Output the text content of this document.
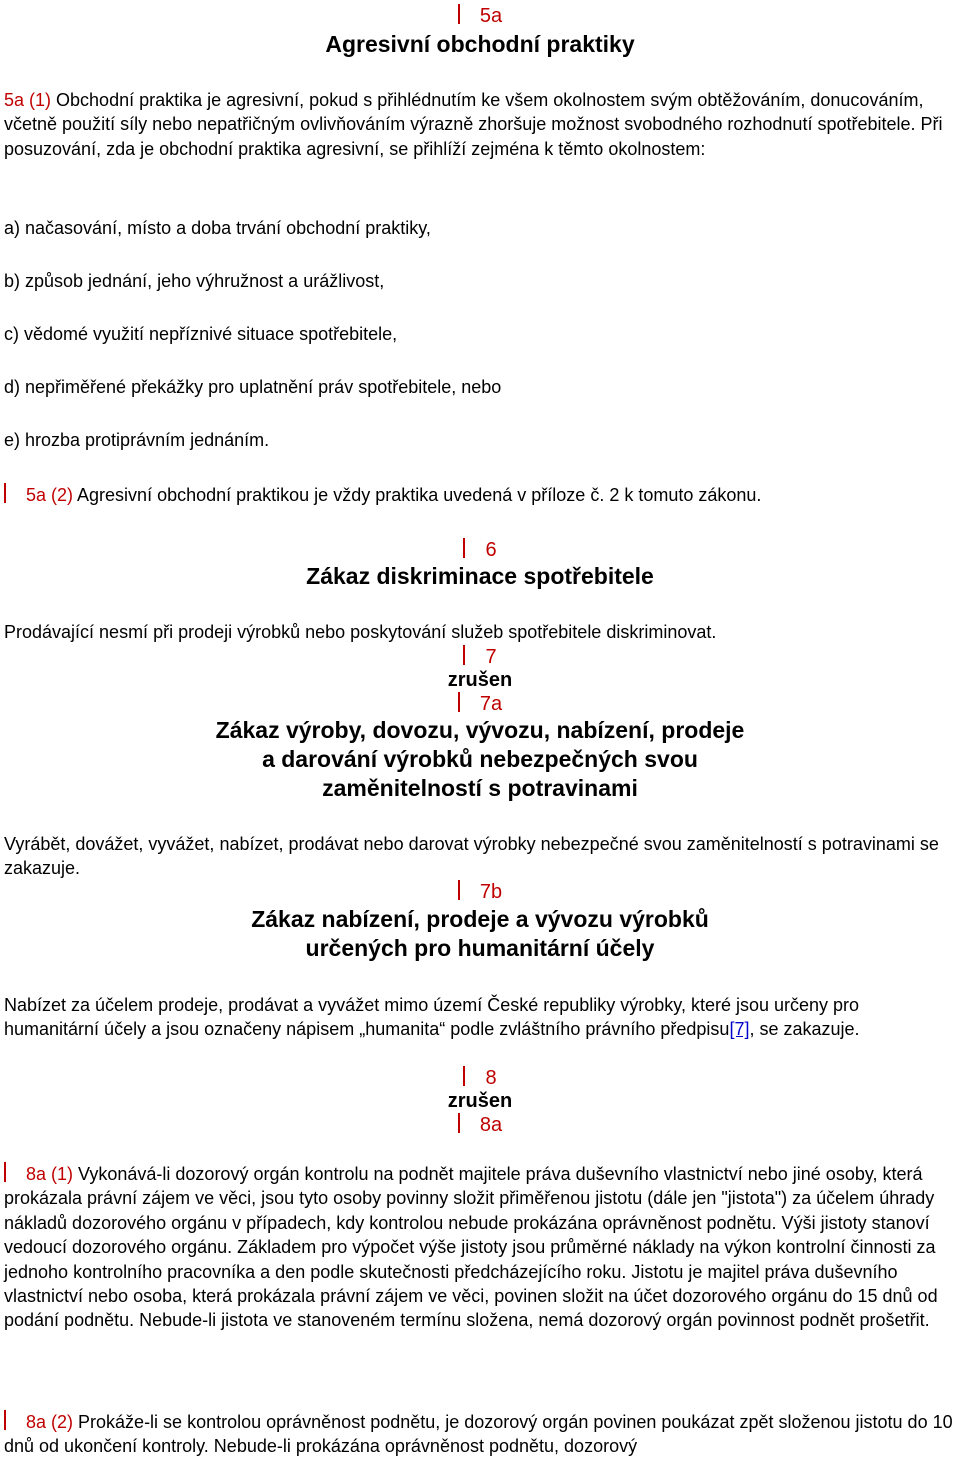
5a
Agresivní obchodní praktiky
5a (1) Obchodní praktika je agresivní, pokud s přihlédnutím ke všem okolnostem svým obtěžováním, donucováním, včetně použití síly nebo nepatřičným ovlivňováním výrazně zhoršuje možnost svobodného rozhodnutí spotřebitele. Při posuzování, zda je obchodní praktika agresivní, se přihlíží zejména k těmto okolnostem:
a) načasování, místo a doba trvání obchodní praktiky,
b) způsob jednání, jeho výhružnost a urážlivost,
c) vědomé využití nepříznivé situace spotřebitele,
d) nepřiměřené překážky pro uplatnění práv spotřebitele, nebo
e) hrozba protiprávním jednáním.
5a (2) Agresivní obchodní praktikou je vždy praktika uvedená v příloze č. 2 k tomuto zákonu.
6
Zákaz diskriminace spotřebitele
Prodávající nesmí při prodeji výrobků nebo poskytování služeb spotřebitele diskriminovat.
7
zrušen
7a
Zákaz výroby, dovozu, vývozu, nabízení, prodeje
a darování výrobků nebezpečných svou
zaměnitelností s potravinami
Vyrábět, dovážet, vyvážet, nabízet, prodávat nebo darovat výrobky nebezpečné svou zaměnitelností s potravinami se zakazuje.
7b
Zákaz nabízení, prodeje a vývozu výrobků
určených pro humanitární účely
Nabízet za účelem prodeje, prodávat a vyvážet mimo území České republiky výrobky, které jsou určeny pro humanitární účely a jsou označeny nápisem „humanita“ podle zvláštního právního předpisu[7], se zakazuje.
8
zrušen
8a
8a (1) Vykonává-li dozorový orgán kontrolu na podnět majitele práva duševního vlastnictví nebo jiné osoby, která prokázala právní zájem ve věci, jsou tyto osoby povinny složit přiměřenou jistotu (dále jen "jistota") za účelem úhrady nákladů dozorového orgánu v případech, kdy kontrolou nebude prokázána oprávněnost podnětu. Výši jistoty stanoví vedoucí dozorového orgánu. Základem pro výpočet výše jistoty jsou průměrné náklady na výkon kontrolní činnosti za jednoho kontrolního pracovníka a den podle skutečnosti předcházejícího roku. Jistotu je majitel práva duševního vlastnictví nebo osoba, která prokázala právní zájem ve věci, povinen složit na účet dozorového orgánu do 15 dnů od podání podnětu. Nebude-li jistota ve stanoveném termínu složena, nemá dozorový orgán povinnost podnět prošetřit.
8a (2) Prokáže-li se kontrolou oprávněnost podnětu, je dozorový orgán povinen poukázat zpět složenou jistotu do 10 dnů od ukončení kontroly. Nebude-li prokázána oprávněnost podnětu, dozorový
